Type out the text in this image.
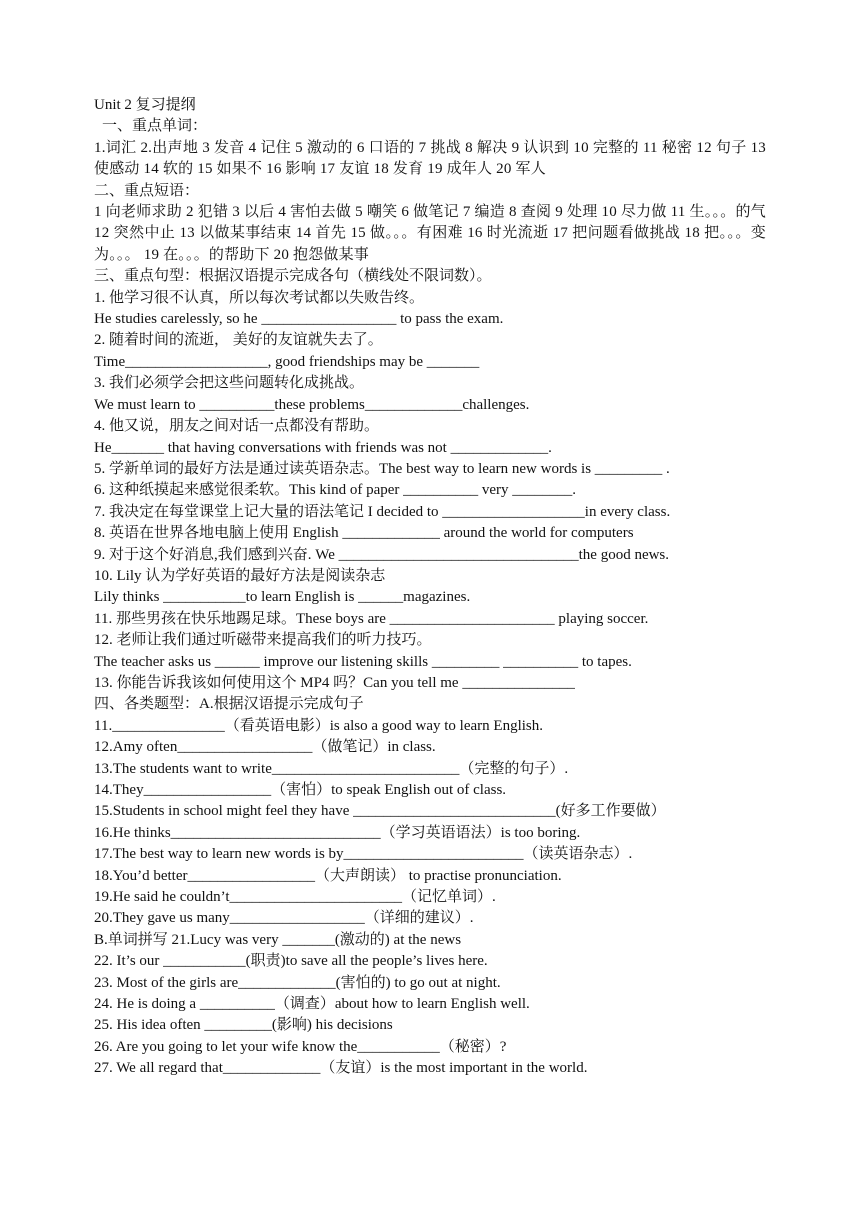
Unit 2 复习提纲
一、重点单词：
1.词汇 2.出声地 3 发音 4 记住 5 激动的 6 口语的 7 挑战 8 解决 9 认识到 10 完整的 11 秘密 12 句子 13 使感动 14 软的 15 如果不 16 影响 17 友谊 18 发育 19 成年人 20 军人
二、重点短语：
1 向老师求助 2 犯错 3 以后 4 害怕去做 5 嘲笑 6 做笔记 7 编造 8 查阅 9 处理 10 尽力做 11 生。。。的气 12 突然中止 13 以做某事结束 14 首先 15 做。。。有困难 16 时光流逝 17 把问题看做挑战 18 把。。。变为。。。 19 在。。。的帮助下 20 抱怨做某事
三、重点句型：根据汉语提示完成各句（横线处不限词数）。
1. 他学习很不认真，所以每次考试都以失败告终。
He studies carelessly, so he __________________ to pass the exam.
2. 随着时间的流逝， 美好的友谊就失去了。
Time___________________, good friendships may be _______
3. 我们必须学会把这些问题转化成挑战。
We must learn to __________these problems_____________challenges.
4. 他又说，朋友之间对话一点都没有帮助。
He_______ that having conversations with friends was not _____________.
5. 学新单词的最好方法是通过读英语杂志。The best way to learn new words is _________ .
6. 这种纸摸起来感觉很柔软。This kind of paper __________ very ________.
7. 我决定在每堂课堂上记大量的语法笔记 I decided to ___________________in every class.
8. 英语在世界各地电脑上使用 English _____________ around the world for computers
9. 对于这个好消息,我们感到兴奋. We ________________________________the good news.
10. Lily 认为学好英语的最好方法是阅读杂志
Lily thinks ___________to learn English is ______magazines.
11. 那些男孩在快乐地踢足球。These boys are ______________________ playing soccer.
12. 老师让我们通过听磁带来提高我们的听力技巧。
The teacher asks us ______ improve our listening skills _________ __________ to tapes.
13. 你能告诉我该如何使用这个 MP4 吗？Can you tell me _______________
四、各类题型：A.根据汉语提示完成句子
11._______________（看英语电影）is also a good way to learn English.
12.Amy often__________________（做笔记）in class.
13.The students want to write_________________________（完整的句子）.
14.They_________________（害怕）to speak English out of class.
15.Students in school might feel they have ___________________________(好多工作要做）
16.He thinks____________________________（学习英语语法）is too boring.
17.The best way to learn new words is by________________________（读英语杂志）.
18.You’d better_________________（大声朗读） to practise pronunciation.
19.He said he couldn’t_______________________（记忆单词）.
20.They gave us many__________________（详细的建议）.
B.单词拼写 21.Lucy was very _______(激动的) at the news
22. It’s our ___________(职责)to save all the people’s lives here.
23. Most of the girls are_____________(害怕的) to go out at night.
24. He is doing a __________（调查）about how to learn English well.
25. His idea often _________(影响) his decisions
26. Are you going to let your wife know the___________（秘密）?
27. We all regard that_____________（友谊）is the most important in the world.
